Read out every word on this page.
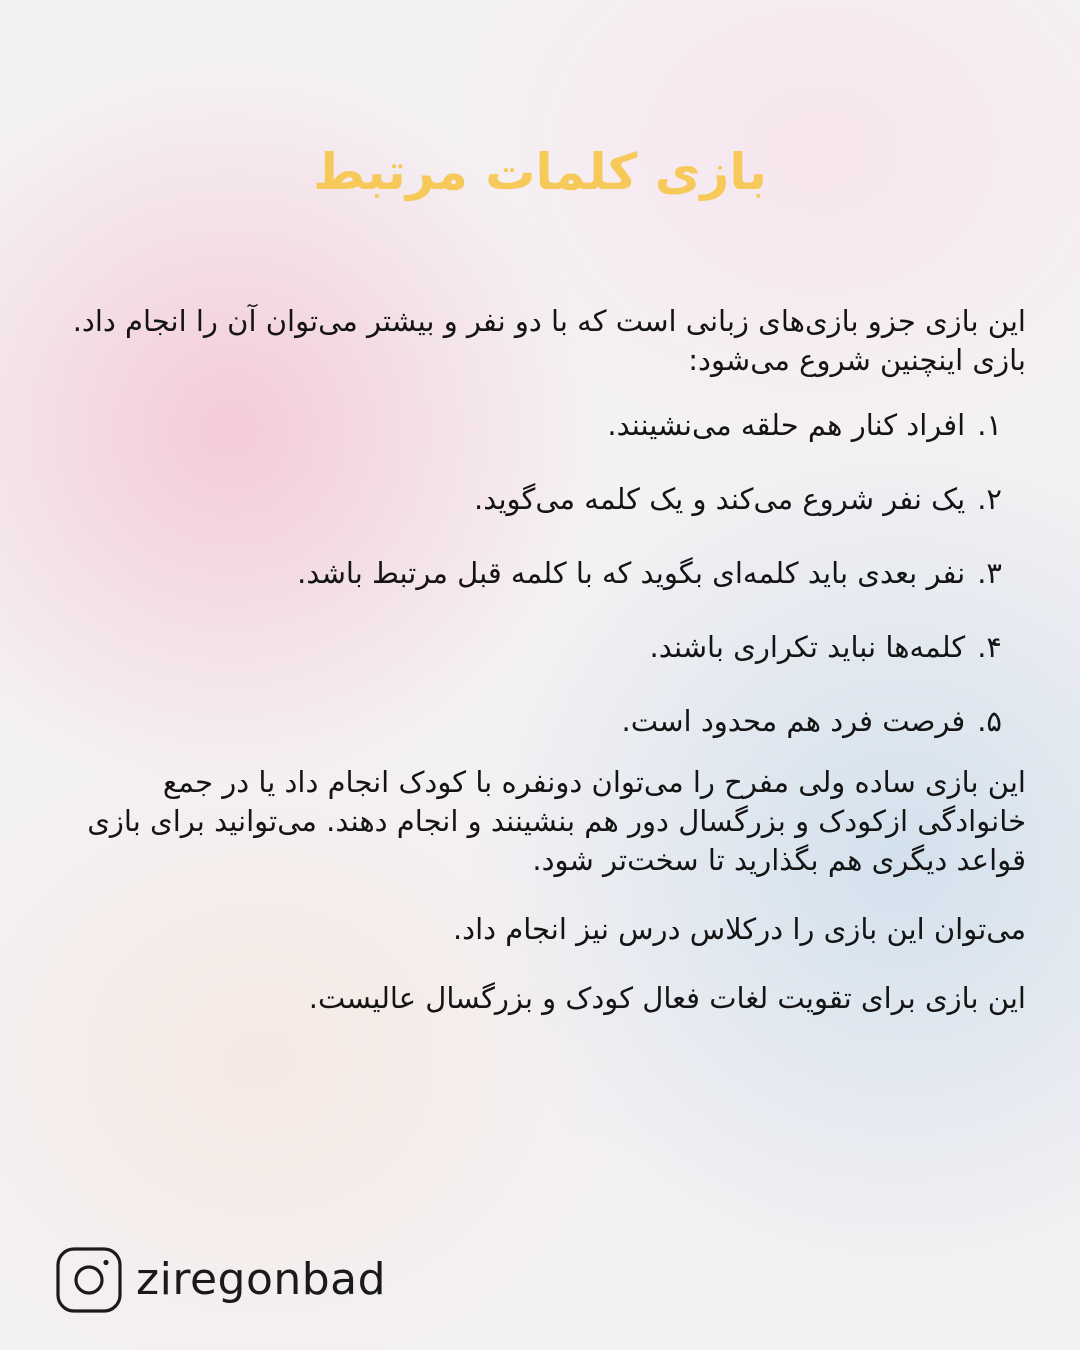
بازی کلمات مرتبط

این بازی جزو بازی‌های زبانی است که با دو نفر و بیشتر می‌توان آن را انجام داد. بازی اینچنین شروع می‌شود:

۱.
افراد کنار هم حلقه می‌نشینند.
۲.
یک نفر شروع می‌کند و یک کلمه می‌گوید.
۳.
نفر بعدی باید کلمه‌ای بگوید که با کلمه قبل مرتبط باشد.
۴.
کلمه‌ها نباید تکراری باشند.
۵.
فرصت فرد هم محدود است.

این بازی ساده ولی مفرح را می‌توان دونفره با کودک انجام داد یا در جمع خانوادگی ازکودک و بزرگسال دور هم بنشینند و انجام دهند. می‌توانید برای بازی قواعد دیگری هم بگذارید تا سخت‌تر شود.

می‌توان این بازی را درکلاس درس نیز انجام داد.

این بازی برای تقویت لغات فعال کودک و بزرگسال عالیست.

ziregonbad
